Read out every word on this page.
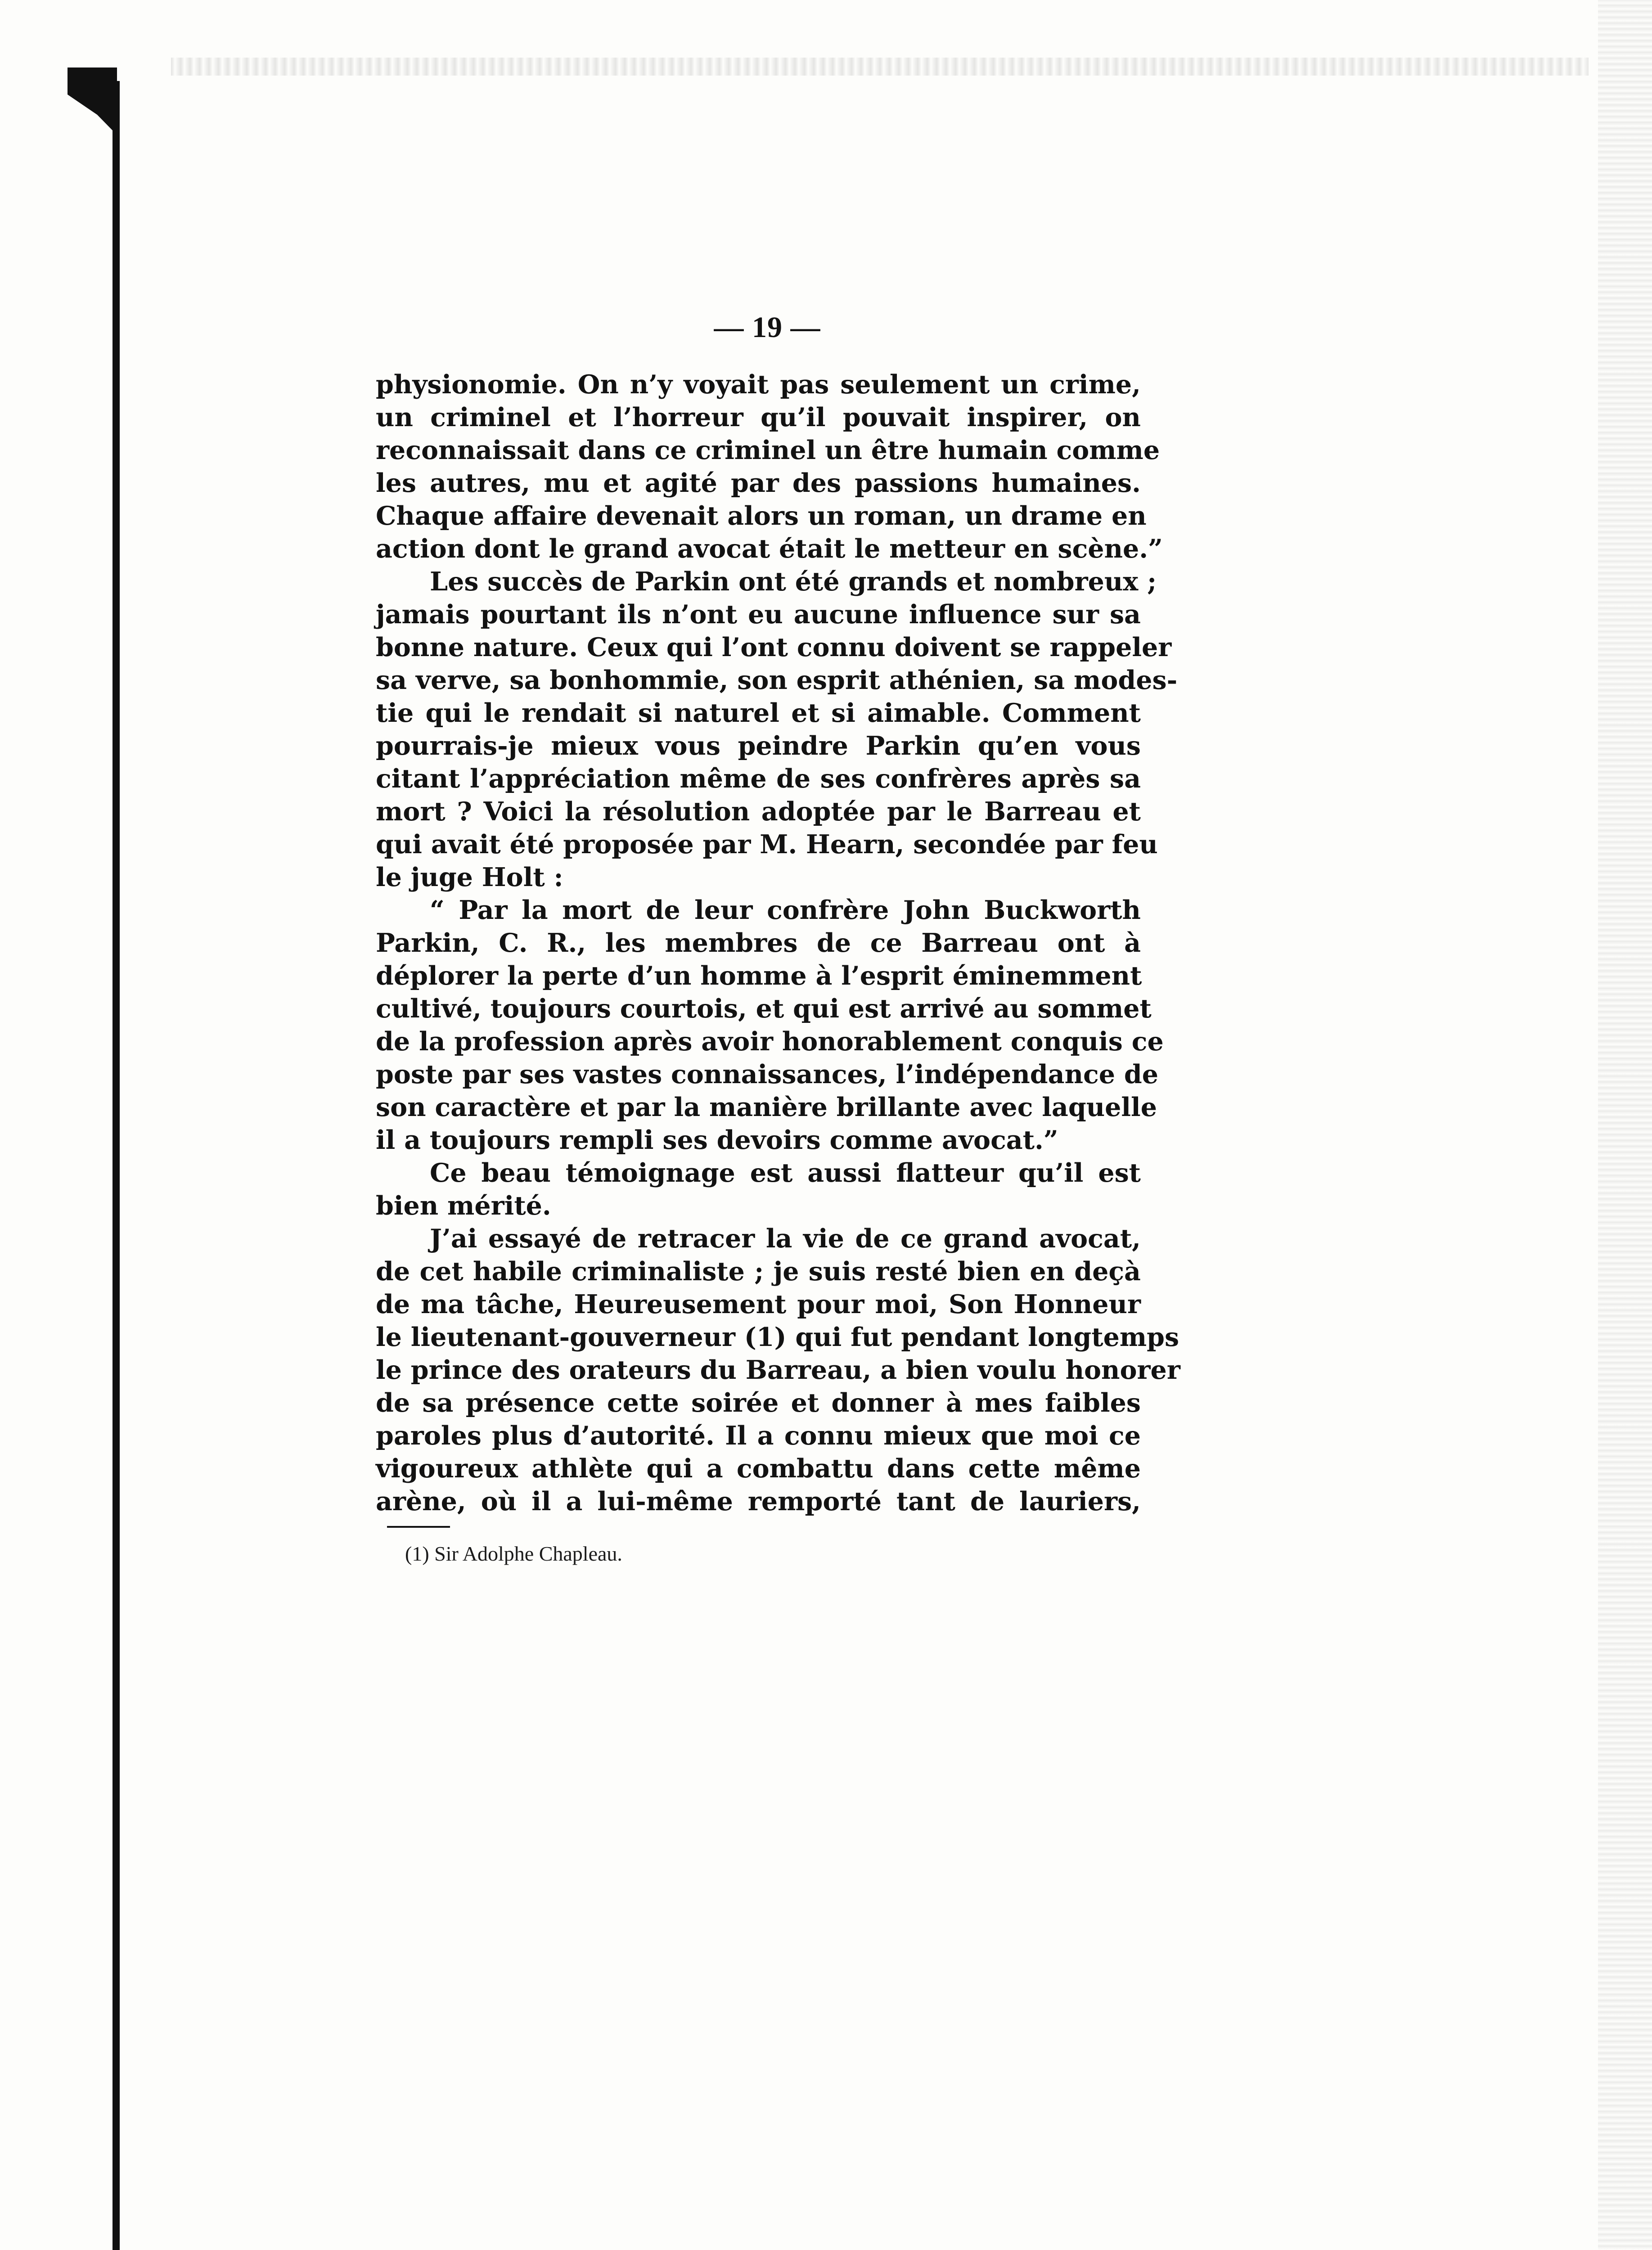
— 19 —
physionomie. On n’y voyait pas seulement un crime,
un criminel et l’horreur qu’il pouvait inspirer, on
reconnaissait dans ce criminel un être humain comme
les autres, mu et agité par des passions humaines.
Chaque affaire devenait alors un roman, un drame en
action dont le grand avocat était le metteur en scène.”
Les succès de Parkin ont été grands et nombreux ;
jamais pourtant ils n’ont eu aucune influence sur sa
bonne nature. Ceux qui l’ont connu doivent se rappeler
sa verve, sa bonhommie, son esprit athénien, sa modes-
tie qui le rendait si naturel et si aimable. Comment
pourrais-je mieux vous peindre Parkin qu’en vous
citant l’appréciation même de ses confrères après sa
mort ? Voici la résolution adoptée par le Barreau et
qui avait été proposée par M. Hearn, secondée par feu
le juge Holt :
“ Par la mort de leur confrère John Buckworth
Parkin, C. R., les membres de ce Barreau ont à
déplorer la perte d’un homme à l’esprit éminemment
cultivé, toujours courtois, et qui est arrivé au sommet
de la profession après avoir honorablement conquis ce
poste par ses vastes connaissances, l’indépendance de
son caractère et par la manière brillante avec laquelle
il a toujours rempli ses devoirs comme avocat.”
Ce beau témoignage est aussi flatteur qu’il est
bien mérité.
J’ai essayé de retracer la vie de ce grand avocat,
de cet habile criminaliste ; je suis resté bien en deçà
de ma tâche, Heureusement pour moi, Son Honneur
le lieutenant-gouverneur (1) qui fut pendant longtemps
le prince des orateurs du Barreau, a bien voulu honorer
de sa présence cette soirée et donner à mes faibles
paroles plus d’autorité. Il a connu mieux que moi ce
vigoureux athlète qui a combattu dans cette même
arène, où il a lui-même remporté tant de lauriers,
(1) Sir Adolphe Chapleau.
